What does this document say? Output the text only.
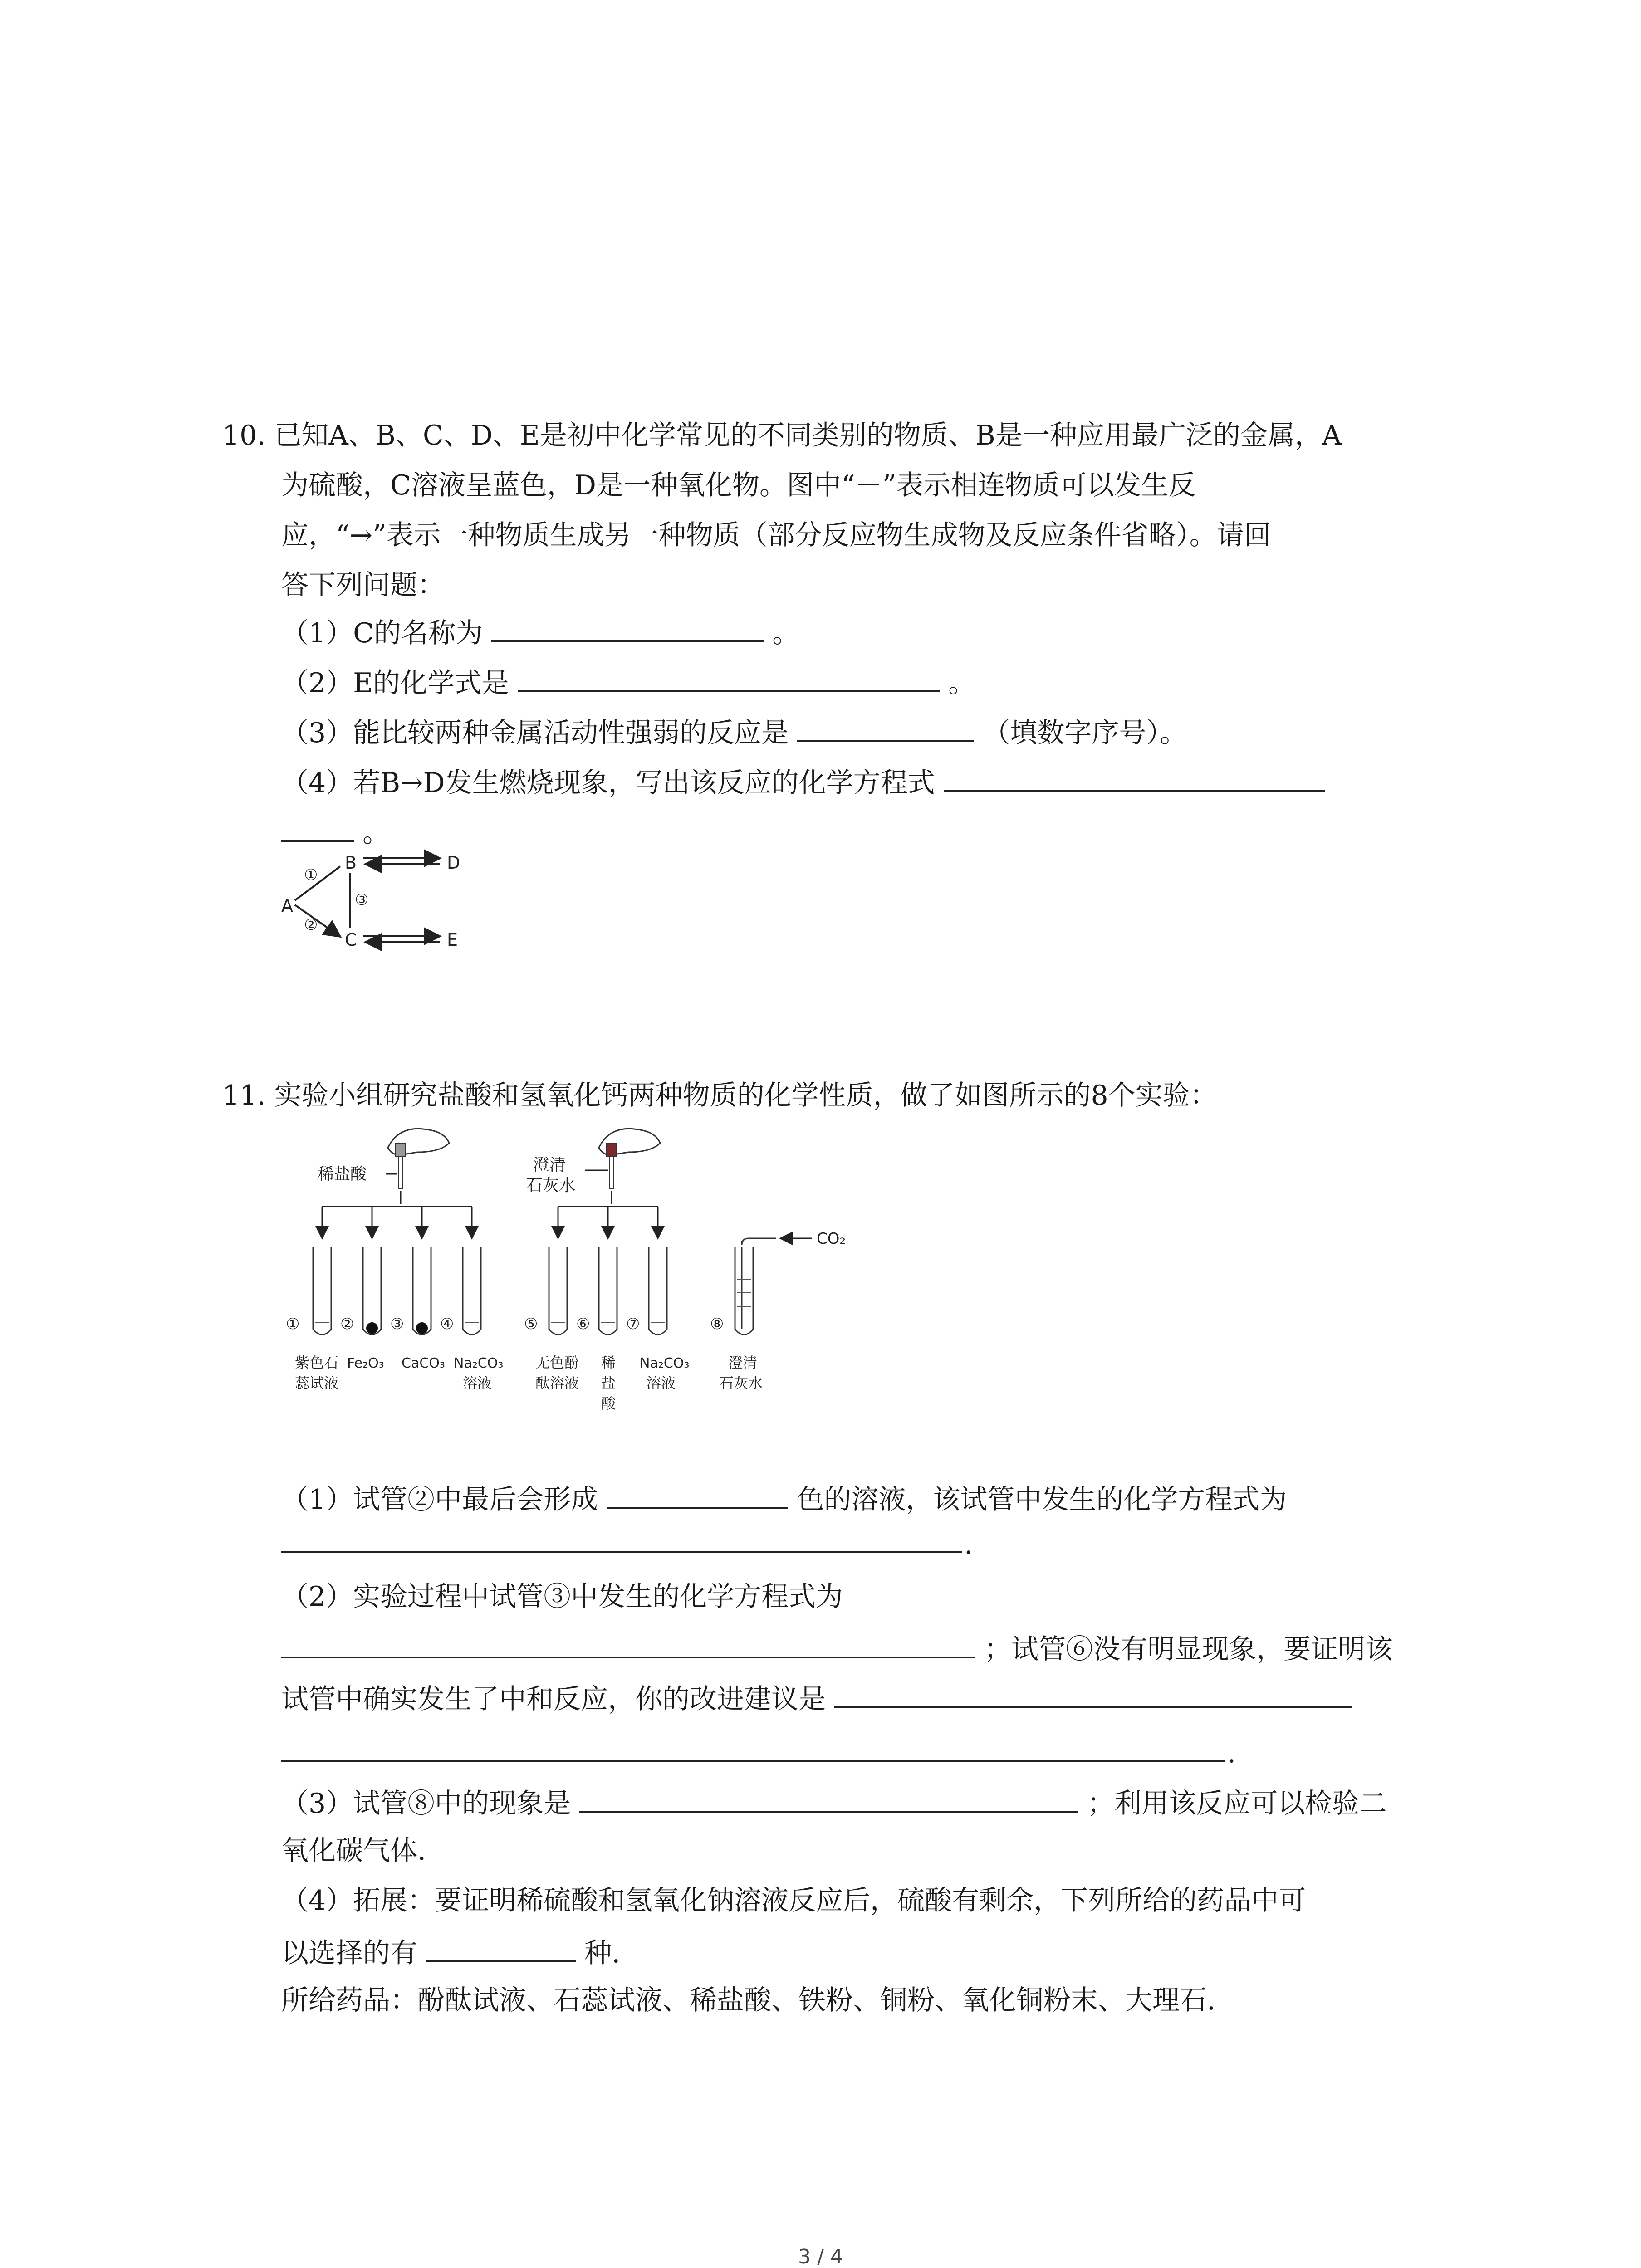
10. 已知A、B、C、D、E是初中化学常见的不同类别的物质、B是一种应用最广泛的金属，A
为硫酸，C溶液呈蓝色，D是一种氧化物。图中“－”表示相连物质可以发生反
应，“→”表示一种物质生成另一种物质（部分反应物生成物及反应条件省略）。请回
答下列问题：
（1）C的名称为	。
（2）E的化学式是	。
（3）能比较两种金属活动性强弱的反应是	（填数字序号）。
（4）若B→D发生燃烧现象，写出该反应的化学方程式
。
A
B	D
C	E
①
②
③
11. 实验小组研究盐酸和氢氧化钙两种物质的化学性质，做了如图所示的8个实验：
稀盐酸
①	② ③ ④
紫色石
蕊试液
Fe₂O₃ CaCO₃ Na₂CO₃
溶液
澄清
石灰水
⑤ ⑥ ⑦
无色酚
酞溶液
稀
盐
酸
Na₂CO₃
溶液
CO₂
⑧
澄清
石灰水
（1）试管②中最后会形成	色的溶液，该试管中发生的化学方程式为
.
（2）实验过程中试管③中发生的化学方程式为
；试管⑥没有明显现象，要证明该
试管中确实发生了中和反应，你的改进建议是
.
（3）试管⑧中的现象是	；利用该反应可以检验二
氧化碳气体.
（4）拓展：要证明稀硫酸和氢氧化钠溶液反应后，硫酸有剩余，下列所给的药品中可
以选择的有	种.
所给药品：酚酞试液、石蕊试液、稀盐酸、铁粉、铜粉、氧化铜粉末、大理石.
3 / 4
